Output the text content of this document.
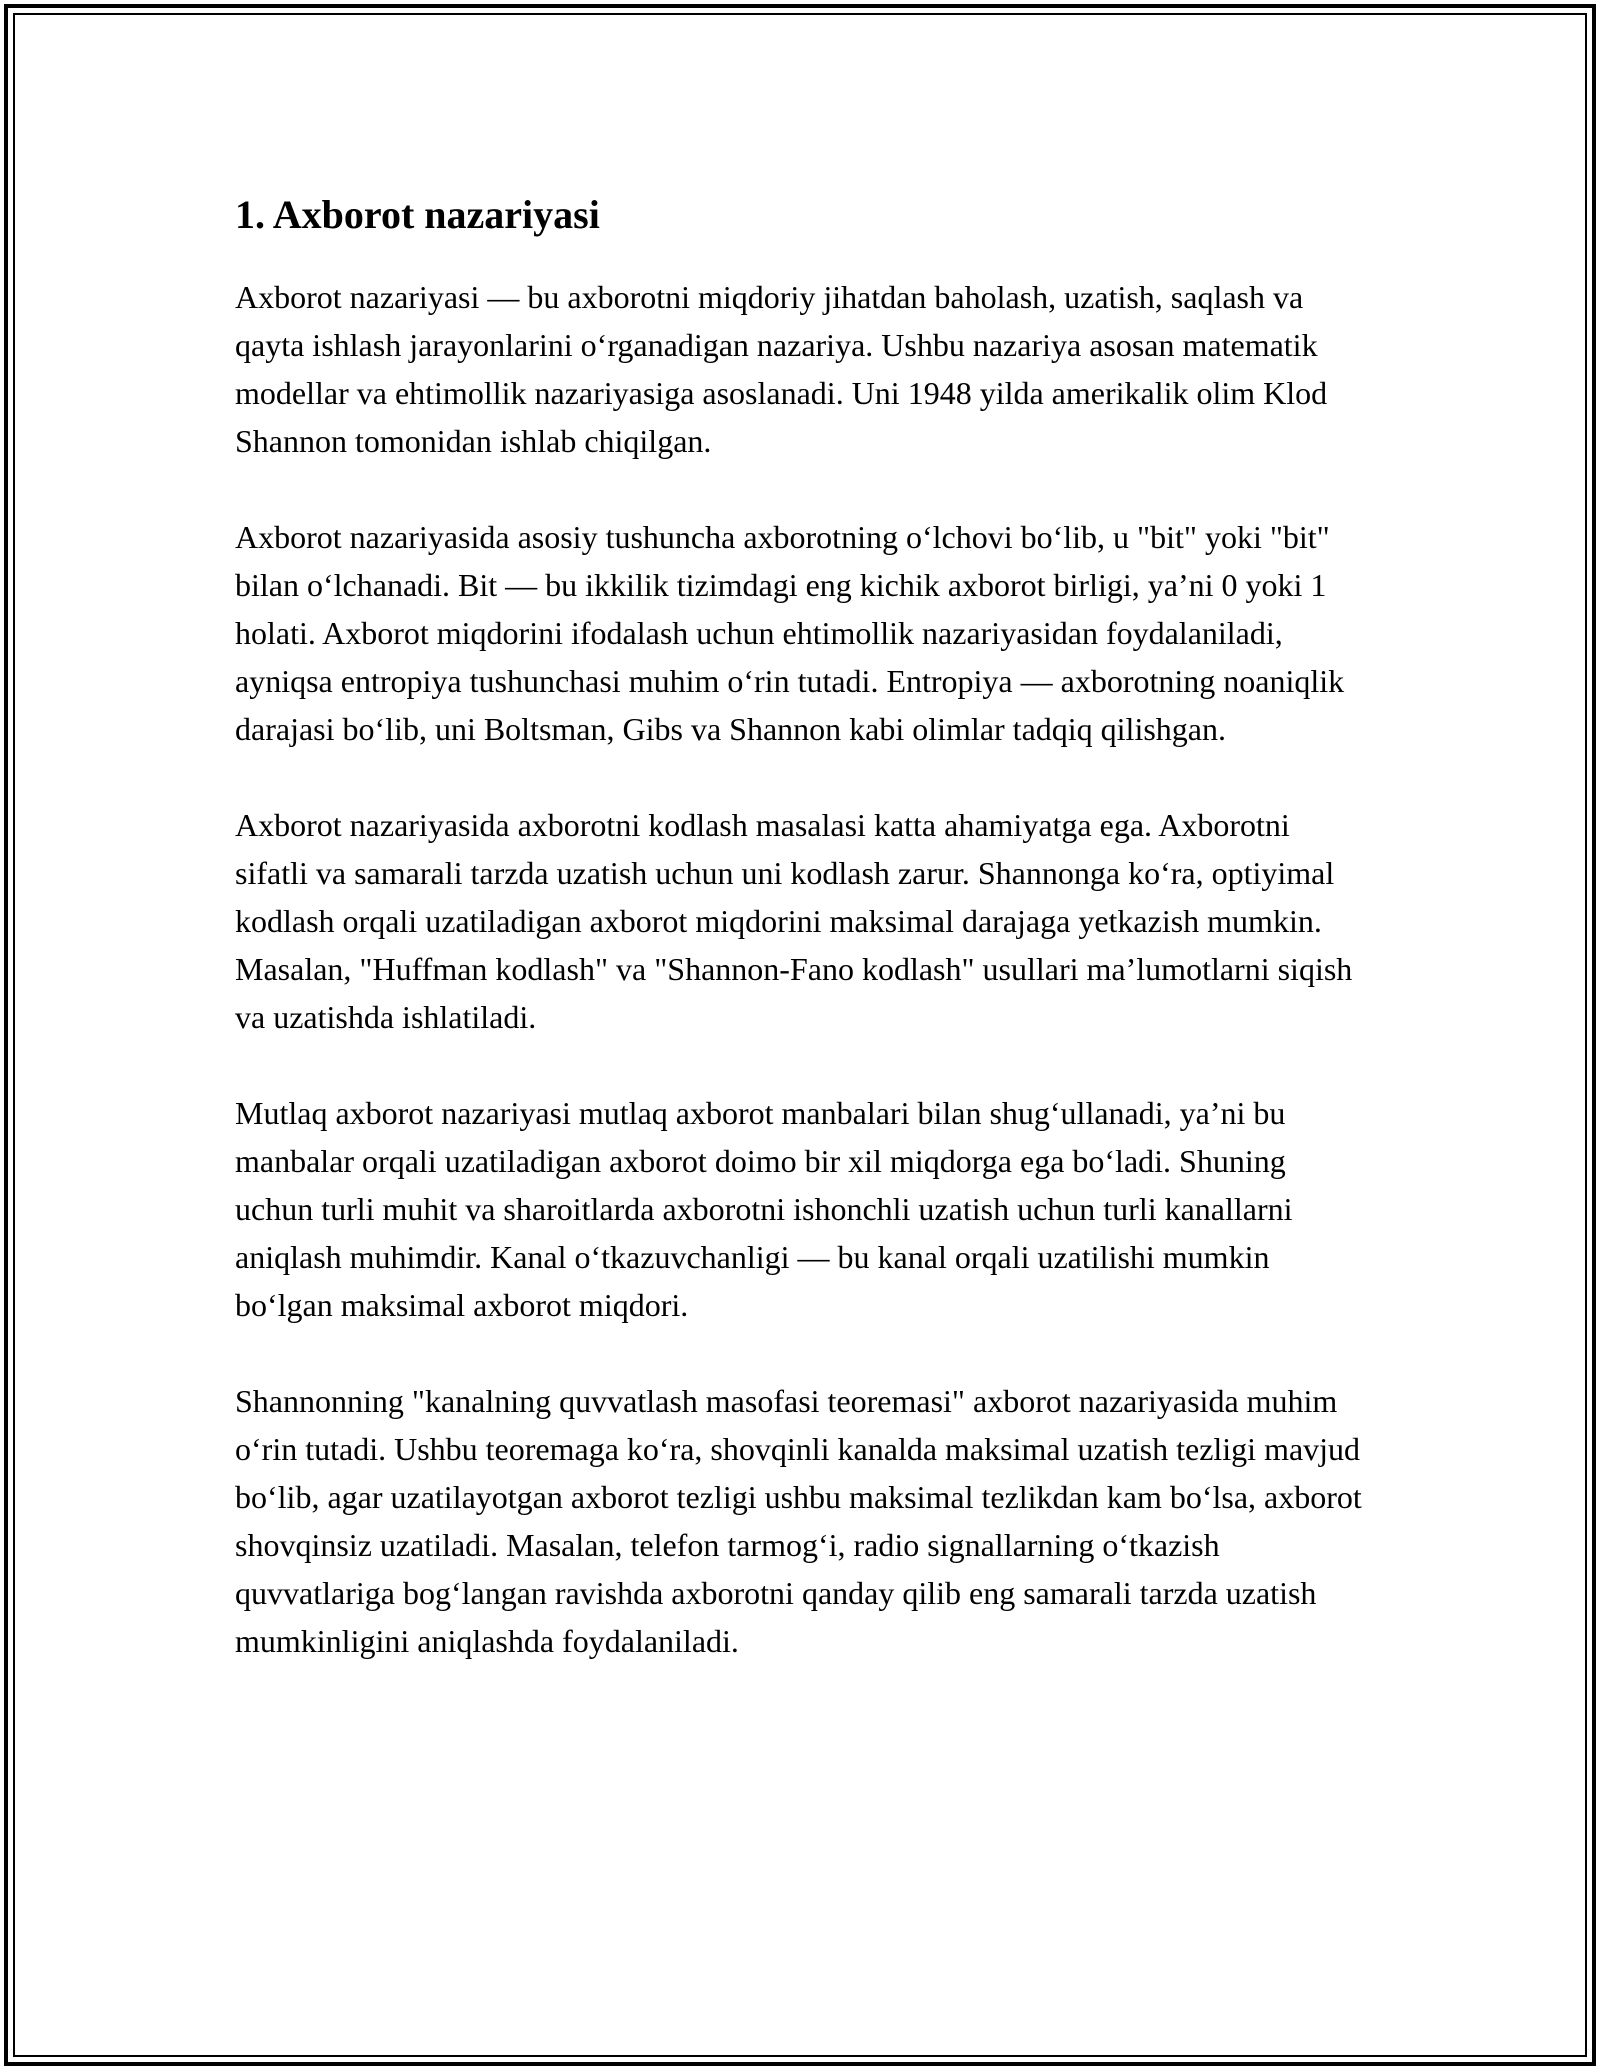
1. Axborot nazariyasi

Axborot nazariyasi — bu axborotni miqdoriy jihatdan baholash, uzatish, saqlash va qayta ishlash jarayonlarini oʻrganadigan nazariya. Ushbu nazariya asosan matematik modellar va ehtimollik nazariyasiga asoslanadi. Uni 1948 yilda amerikalik olim Klod Shannon tomonidan ishlab chiqilgan.

Axborot nazariyasida asosiy tushuncha axborotning oʻlchovi boʻlib, u "bit" yoki "bit" bilan oʻlchanadi. Bit — bu ikkilik tizimdagi eng kichik axborot birligi, yaʼni 0 yoki 1 holati. Axborot miqdorini ifodalash uchun ehtimollik nazariyasidan foydalaniladi, ayniqsa entropiya tushunchasi muhim oʻrin tutadi. Entropiya — axborotning noaniqlik darajasi boʻlib, uni Boltsman, Gibs va Shannon kabi olimlar tadqiq qilishgan.

Axborot nazariyasida axborotni kodlash masalasi katta ahamiyatga ega. Axborotni sifatli va samarali tarzda uzatish uchun uni kodlash zarur. Shannonga koʻra, optiyimal kodlash orqali uzatiladigan axborot miqdorini maksimal darajaga yetkazish mumkin. Masalan, "Huffman kodlash" va "Shannon-Fano kodlash" usullari maʼlumotlarni siqish va uzatishda ishlatiladi.

Mutlaq axborot nazariyasi mutlaq axborot manbalari bilan shugʻullanadi, yaʼni bu manbalar orqali uzatiladigan axborot doimo bir xil miqdorga ega boʻladi. Shuning uchun turli muhit va sharoitlarda axborotni ishonchli uzatish uchun turli kanallarni aniqlash muhimdir. Kanal oʻtkazuvchanligi — bu kanal orqali uzatilishi mumkin boʻlgan maksimal axborot miqdori.

Shannonning "kanalning quvvatlash masofasi teoremasi" axborot nazariyasida muhim oʻrin tutadi. Ushbu teoremaga koʻra, shovqinli kanalda maksimal uzatish tezligi mavjud boʻlib, agar uzatilayotgan axborot tezligi ushbu maksimal tezlikdan kam boʻlsa, axborot shovqinsiz uzatiladi. Masalan, telefon tarmogʻi, radio signallarning oʻtkazish quvvatlariga bogʻlangan ravishda axborotni qanday qilib eng samarali tarzda uzatish mumkinligini aniqlashda foydalaniladi.
